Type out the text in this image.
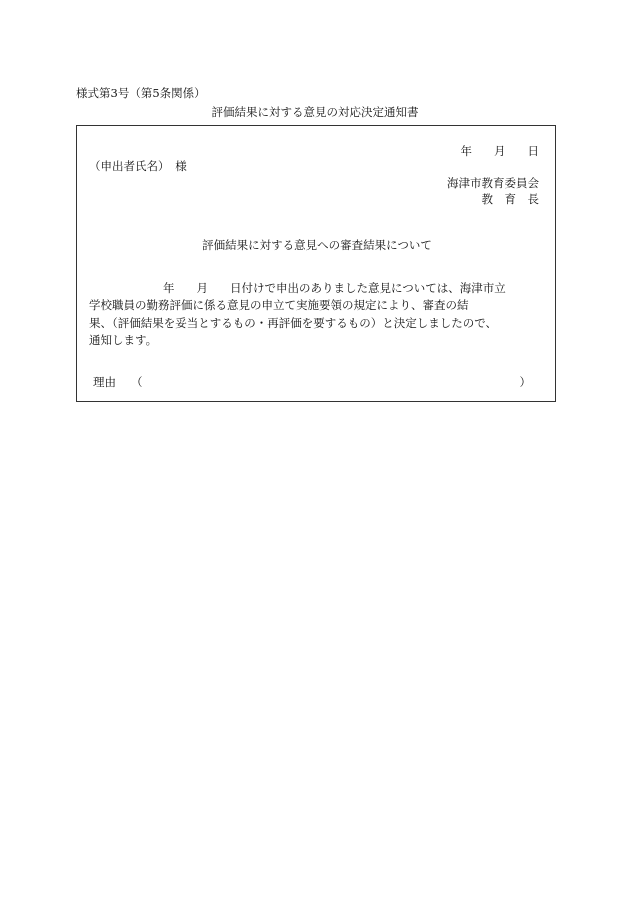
様式第3号（第5条関係）
評価結果に対する意見の対応決定通知書
年 月 日
（申出者氏名）　様
海津市教育委員会
教　育　長
評価結果に対する意見への審査結果について
年 月 日付けで申出のありました意見については、海津市立
学校職員の勤務評価に係る意見の申立て実施要領の規定により、審査の結
果、（評価結果を妥当とするもの・再評価を要するもの）と決定しましたので、
通知します。
理由 （	）
